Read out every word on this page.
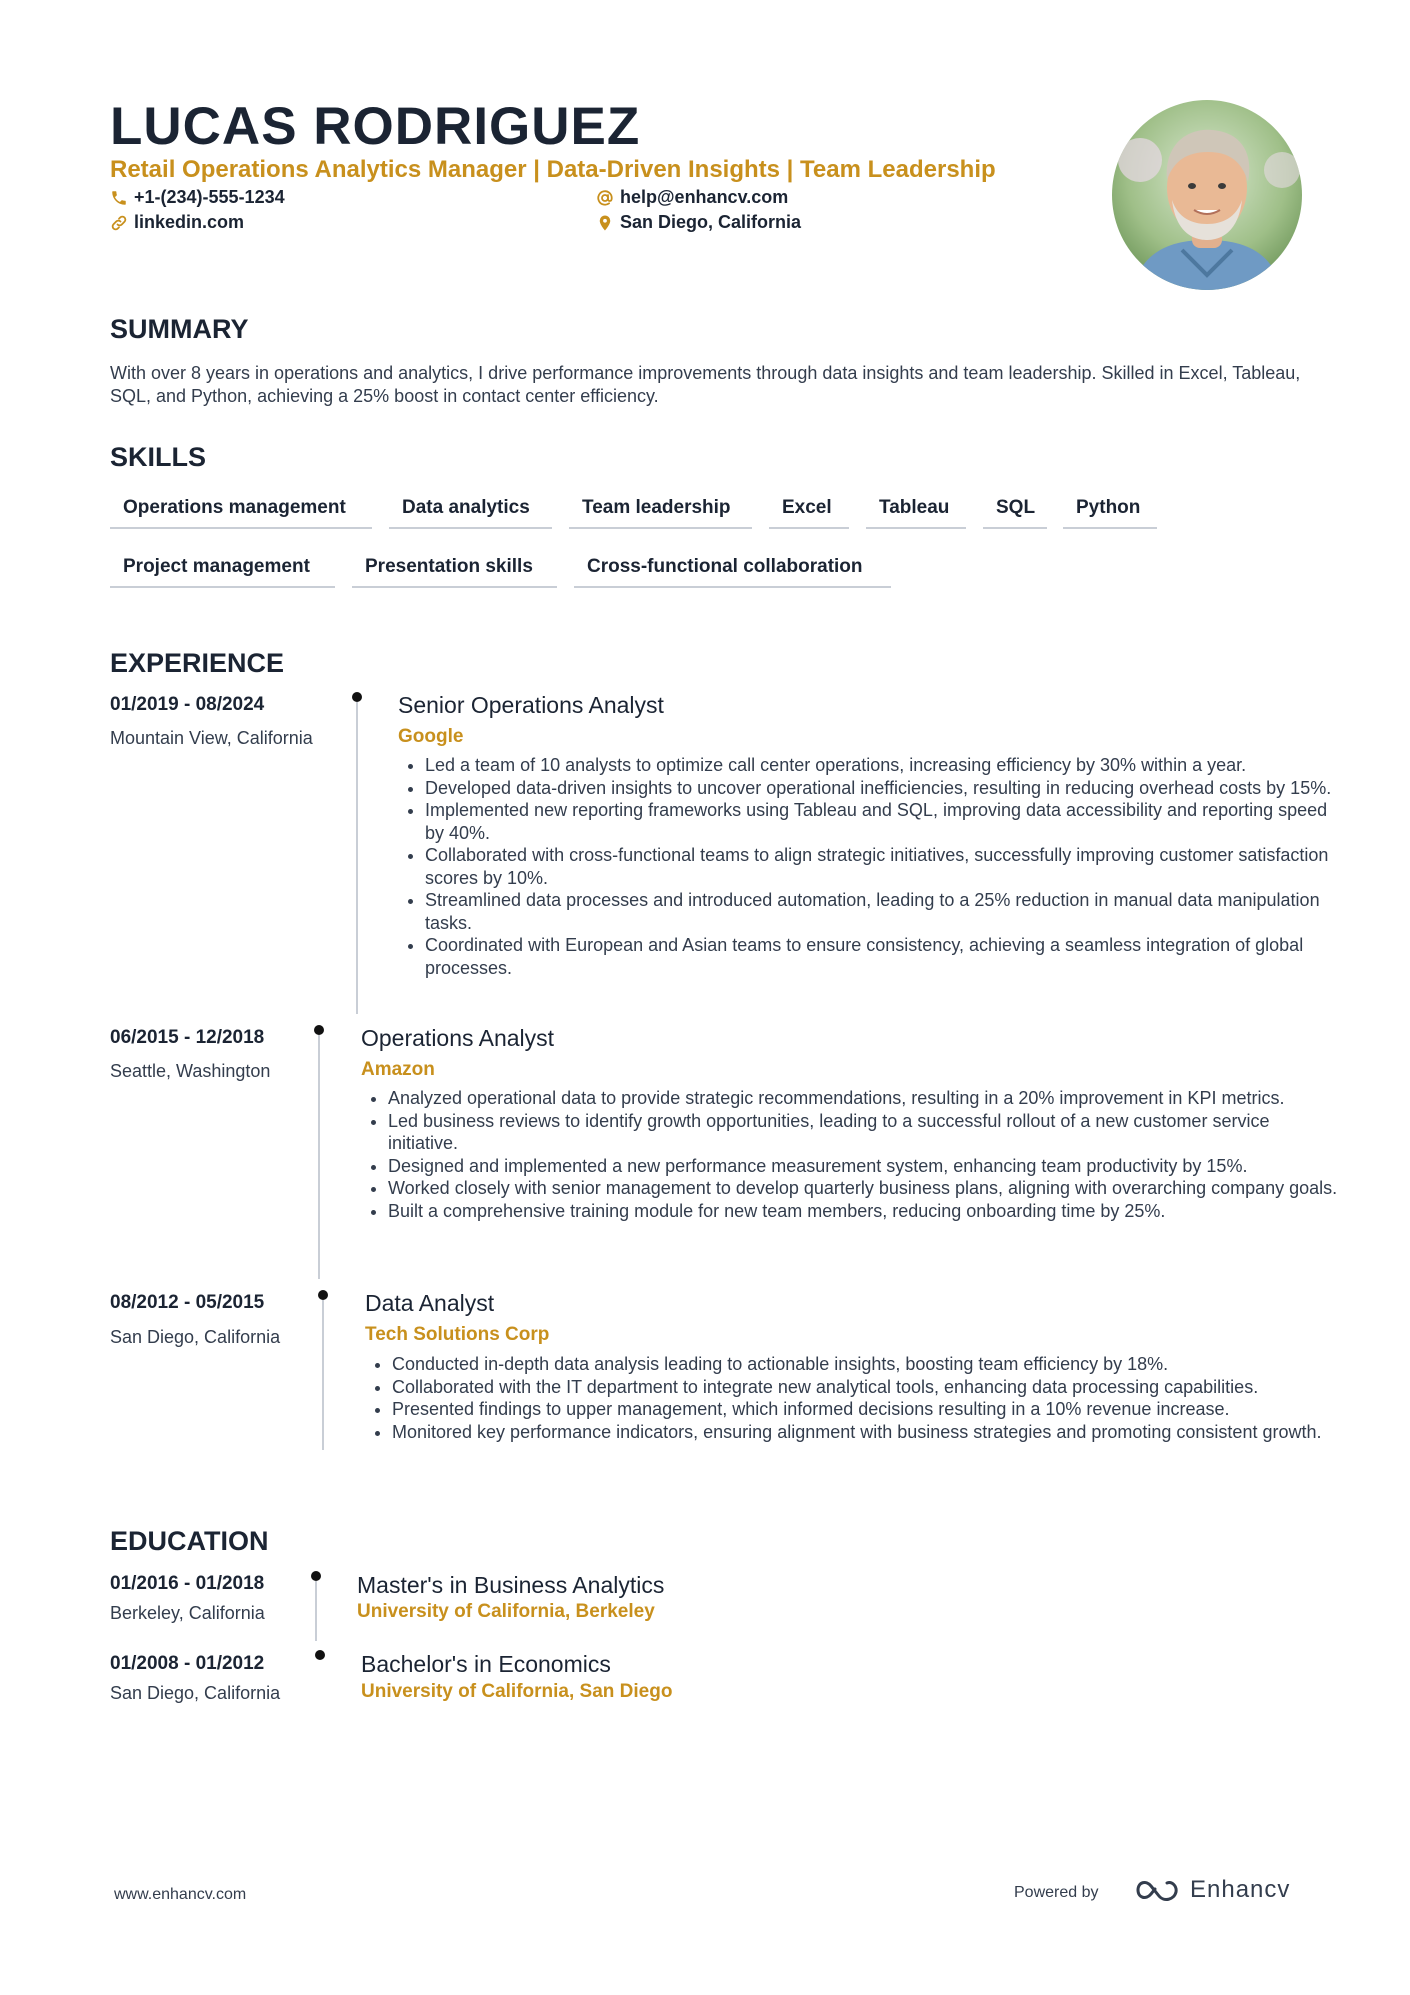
LUCAS RODRIGUEZ
Retail Operations Analytics Manager | Data-Driven Insights | Team Leadership
+1-(234)-555-1234	help@enhancv.com
linkedin.com	San Diego, California
SUMMARY
With over 8 years in operations and analytics, I drive performance improvements through data insights and team leadership. Skilled in Excel, Tableau, SQL, and Python, achieving a 25% boost in contact center efficiency.
SKILLS
Operations management	Data analytics	Team leadership	Excel	Tableau	SQL	Python
Project management	Presentation skills	Cross-functional collaboration
EXPERIENCE
01/2019 - 08/2024
Mountain View, California
Senior Operations Analyst
Google
• Led a team of 10 analysts to optimize call center operations, increasing efficiency by 30% within a year.
• Developed data-driven insights to uncover operational inefficiencies, resulting in reducing overhead costs by 15%.
• Implemented new reporting frameworks using Tableau and SQL, improving data accessibility and reporting speed by 40%.
• Collaborated with cross-functional teams to align strategic initiatives, successfully improving customer satisfaction scores by 10%.
• Streamlined data processes and introduced automation, leading to a 25% reduction in manual data manipulation tasks.
• Coordinated with European and Asian teams to ensure consistency, achieving a seamless integration of global processes.
06/2015 - 12/2018
Seattle, Washington
Operations Analyst
Amazon
• Analyzed operational data to provide strategic recommendations, resulting in a 20% improvement in KPI metrics.
• Led business reviews to identify growth opportunities, leading to a successful rollout of a new customer service initiative.
• Designed and implemented a new performance measurement system, enhancing team productivity by 15%.
• Worked closely with senior management to develop quarterly business plans, aligning with overarching company goals.
• Built a comprehensive training module for new team members, reducing onboarding time by 25%.
08/2012 - 05/2015
San Diego, California
Data Analyst
Tech Solutions Corp
• Conducted in-depth data analysis leading to actionable insights, boosting team efficiency by 18%.
• Collaborated with the IT department to integrate new analytical tools, enhancing data processing capabilities.
• Presented findings to upper management, which informed decisions resulting in a 10% revenue increase.
• Monitored key performance indicators, ensuring alignment with business strategies and promoting consistent growth.
EDUCATION
01/2016 - 01/2018
Berkeley, California
Master's in Business Analytics
University of California, Berkeley
01/2008 - 01/2012
San Diego, California
Bachelor's in Economics
University of California, San Diego
www.enhancv.com	Powered by	Enhancv
